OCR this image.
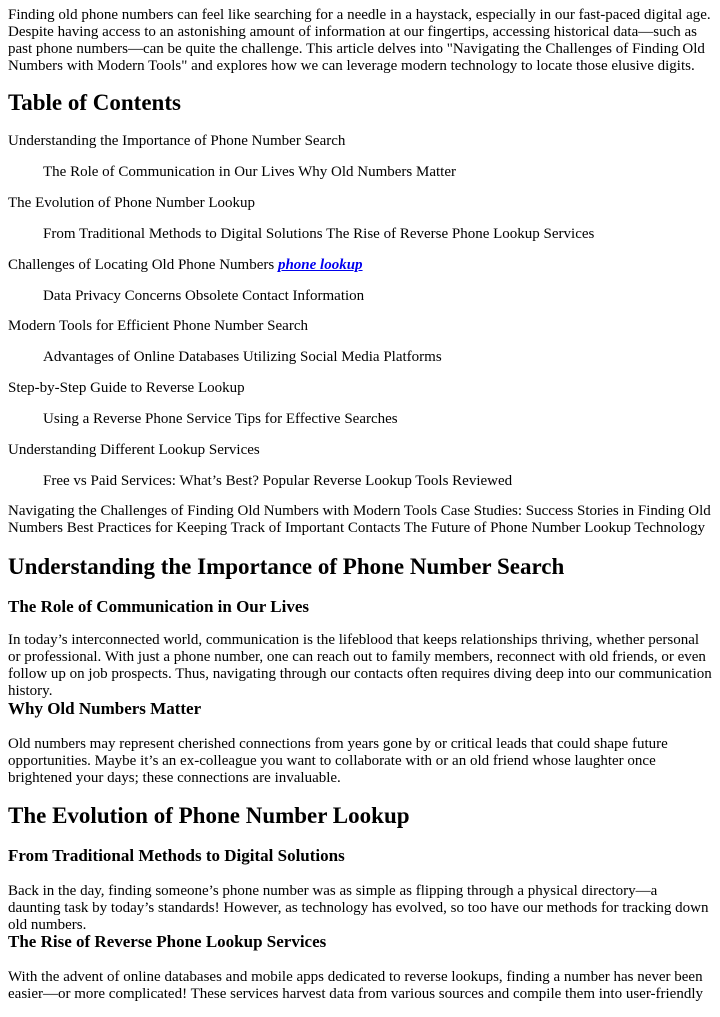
Finding old phone numbers can feel like searching for a needle in a haystack, especially in our fast-paced digital age. Despite having access to an astonishing amount of information at our fingertips, accessing historical data—such as past phone numbers—can be quite the challenge. This article delves into "Navigating the Challenges of Finding Old Numbers with Modern Tools" and explores how we can leverage modern technology to locate those elusive digits.

Table of Contents
Understanding the Importance of Phone Number Search
The Role of Communication in Our Lives Why Old Numbers Matter
The Evolution of Phone Number Lookup
From Traditional Methods to Digital Solutions The Rise of Reverse Phone Lookup Services
Challenges of Locating Old Phone Numbers phone lookup
Data Privacy Concerns Obsolete Contact Information
Modern Tools for Efficient Phone Number Search
Advantages of Online Databases Utilizing Social Media Platforms
Step-by-Step Guide to Reverse Lookup
Using a Reverse Phone Service Tips for Effective Searches
Understanding Different Lookup Services
Free vs Paid Services: What’s Best? Popular Reverse Lookup Tools Reviewed

Navigating the Challenges of Finding Old Numbers with Modern Tools Case Studies: Success Stories in Finding Old Numbers Best Practices for Keeping Track of Important Contacts The Future of Phone Number Lookup Technology

Understanding the Importance of Phone Number Search
The Role of Communication in Our Lives

In today’s interconnected world, communication is the lifeblood that keeps relationships thriving, whether personal or professional. With just a phone number, one can reach out to family members, reconnect with old friends, or even follow up on job prospects. Thus, navigating through our contacts often requires diving deep into our communication history.

Why Old Numbers Matter

Old numbers may represent cherished connections from years gone by or critical leads that could shape future opportunities. Maybe it’s an ex-colleague you want to collaborate with or an old friend whose laughter once brightened your days; these connections are invaluable.

The Evolution of Phone Number Lookup
From Traditional Methods to Digital Solutions

Back in the day, finding someone’s phone number was as simple as flipping through a physical directory—a daunting task by today’s standards! However, as technology has evolved, so too have our methods for tracking down old numbers.

The Rise of Reverse Phone Lookup Services

With the advent of online databases and mobile apps dedicated to reverse lookups, finding a number has never been easier—or more complicated! These services harvest data from various sources and compile them into user-friendly
